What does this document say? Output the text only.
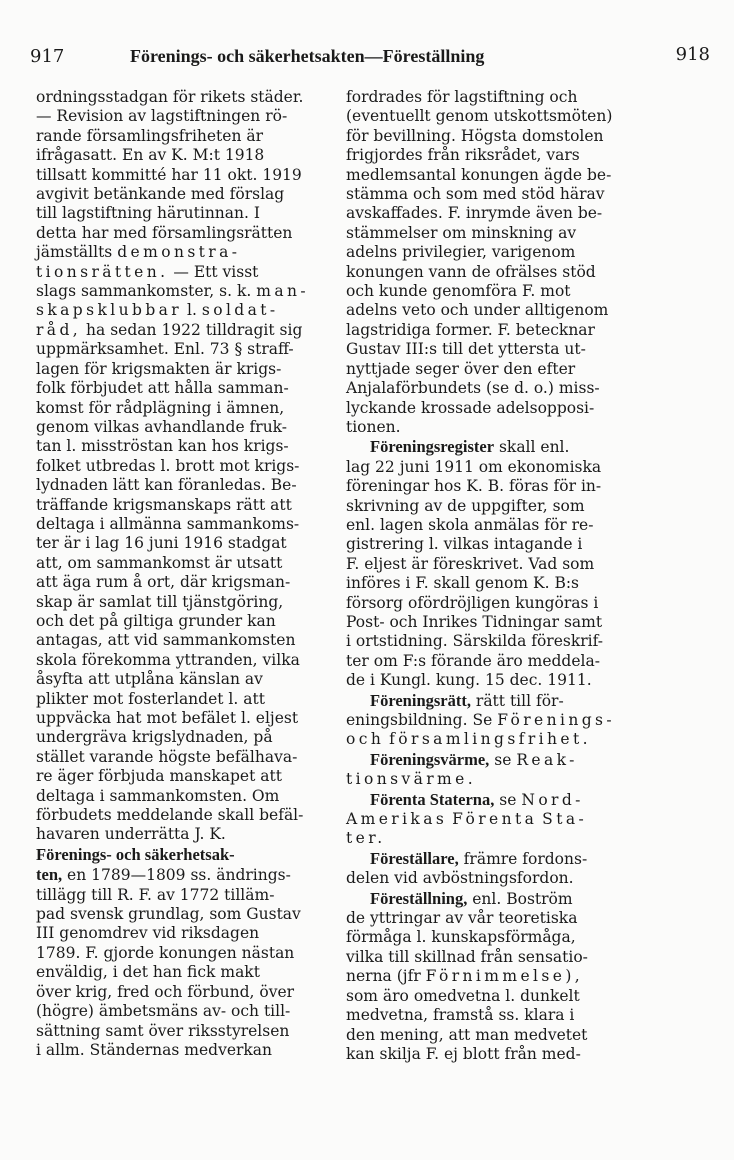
917	Förenings- och säkerhetsakten—Föreställning	918
ordningsstadgan för rikets städer.
— Revision av lagstiftningen rö-
rande församlingsfriheten är
ifrågasatt. En av K. M:t 1918
tillsatt kommitté har 11 okt. 1919
avgivit betänkande med förslag
till lagstiftning härutinnan. I
detta har med församlingsrätten
jämställts demonstra-
tionsrätten. — Ett visst
slags sammankomster, s. k. man-
skapsklubbar l. soldat-
råd, ha sedan 1922 tilldragit sig
uppmärksamhet. Enl. 73 § straff-
lagen för krigsmakten är krigs-
folk förbjudet att hålla samman-
komst för rådplägning i ämnen,
genom vilkas avhandlande fruk-
tan l. misströstan kan hos krigs-
folket utbredas l. brott mot krigs-
lydnaden lätt kan föranledas. Be-
träffande krigsmanskaps rätt att
deltaga i allmänna sammankoms-
ter är i lag 16 juni 1916 stadgat
att, om sammankomst är utsatt
att äga rum å ort, där krigsman-
skap är samlat till tjänstgöring,
och det på giltiga grunder kan
antagas, att vid sammankomsten
skola förekomma yttranden, vilka
åsyfta att utplåna känslan av
plikter mot fosterlandet l. att
uppväcka hat mot befälet l. eljest
undergräva krigslydnaden, på
stället varande högste befälhava-
re äger förbjuda manskapet att
deltaga i sammankomsten. Om
förbudets meddelande skall befäl-
havaren underrätta J. K.
Förenings- och säkerhetsak-
ten, en 1789—1809 ss. ändrings-
tillägg till R. F. av 1772 tilläm-
pad svensk grundlag, som Gustav
III genomdrev vid riksdagen
1789. F. gjorde konungen nästan
enväldig, i det han fick makt
över krig, fred och förbund, över
(högre) ämbetsmäns av- och till-
sättning samt över riksstyrelsen
i allm. Ständernas medverkan
fordrades för lagstiftning och
(eventuellt genom utskottsmöten)
för bevillning. Högsta domstolen
frigjordes från riksrådet, vars
medlemsantal konungen ägde be-
stämma och som med stöd härav
avskaffades. F. inrymde även be-
stämmelser om minskning av
adelns privilegier, varigenom
konungen vann de ofrälses stöd
och kunde genomföra F. mot
adelns veto och under alltigenom
lagstridiga former. F. betecknar
Gustav III:s till det yttersta ut-
nyttjade seger över den efter
Anjalaförbundets (se d. o.) miss-
lyckande krossade adelsopposi-
tionen.
Föreningsregister skall enl.
lag 22 juni 1911 om ekonomiska
föreningar hos K. B. föras för in-
skrivning av de uppgifter, som
enl. lagen skola anmälas för re-
gistrering l. vilkas intagande i
F. eljest är föreskrivet. Vad som
införes i F. skall genom K. B:s
försorg ofördröjligen kungöras i
Post- och Inrikes Tidningar samt
i ortstidning. Särskilda föreskrif-
ter om F:s förande äro meddela-
de i Kungl. kung. 15 dec. 1911.
Föreningsrätt, rätt till för-
eningsbildning. Se Förenings-
och församlingsfrihet.
Föreningsvärme, se Reak-
tionsvärme.
Förenta Staterna, se Nord-
Amerikas Förenta Sta-
ter.
Föreställare, främre fordons-
delen vid avböstningsfordon.
Föreställning, enl. Boström
de yttringar av vår teoretiska
förmåga l. kunskapsförmåga,
vilka till skillnad från sensatio-
nerna (jfr Förnimmelse),
som äro omedvetna l. dunkelt
medvetna, framstå ss. klara i
den mening, att man medvetet
kan skilja F. ej blott från med-
